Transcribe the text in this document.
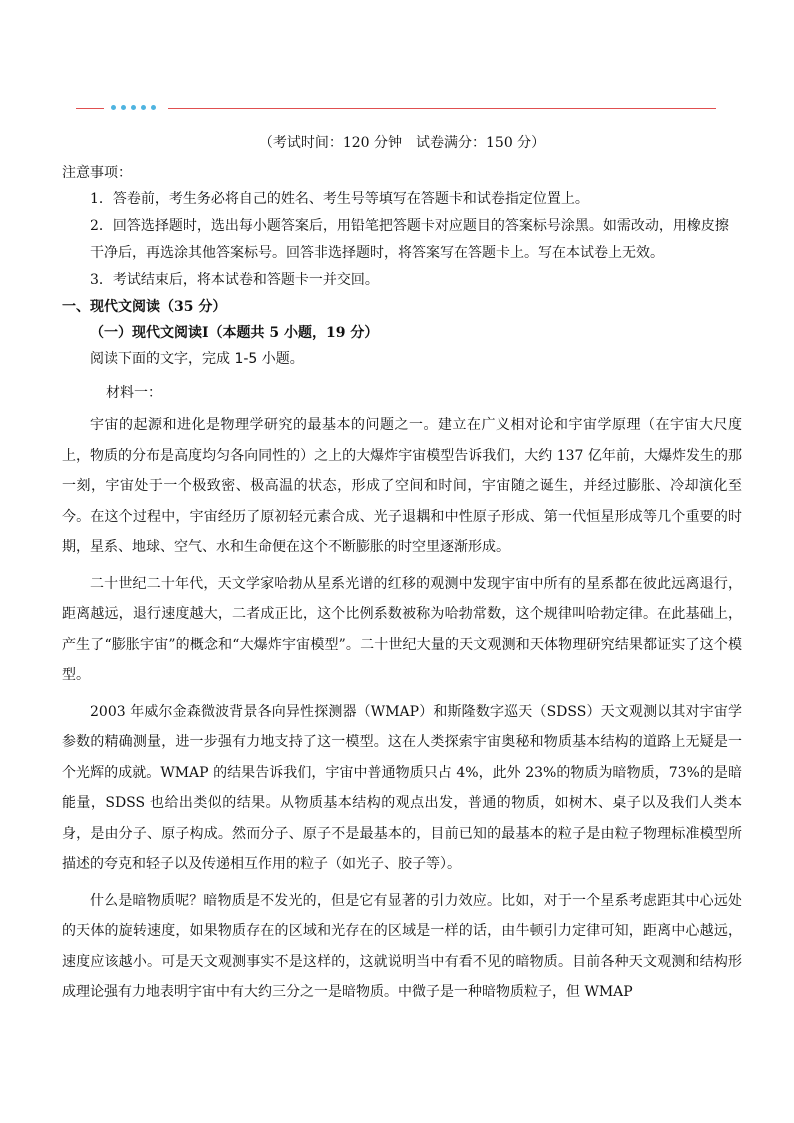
（考试时间：120 分钟　试卷满分：150 分）
注意事项：
1．答卷前，考生务必将自己的姓名、考生号等填写在答题卡和试卷指定位置上。
2．回答选择题时，选出每小题答案后，用铅笔把答题卡对应题目的答案标号涂黑。如需改动，用橡皮擦干净后，再选涂其他答案标号。回答非选择题时，将答案写在答题卡上。写在本试卷上无效。
3．考试结束后，将本试卷和答题卡一并交回。
一、现代文阅读（35 分）
（一）现代文阅读Ⅰ（本题共 5 小题，19 分）
阅读下面的文字，完成 1-5 小题。
材料一：

宇宙的起源和进化是物理学研究的最基本的问题之一。建立在广义相对论和宇宙学原理（在宇宙大尺度上，物质的分布是高度均匀各向同性的）之上的大爆炸宇宙模型告诉我们，大约 137 亿年前，大爆炸发生的那一刻，宇宙处于一个极致密、极高温的状态，形成了空间和时间，宇宙随之诞生，并经过膨胀、冷却演化至今。在这个过程中，宇宙经历了原初轻元素合成、光子退耦和中性原子形成、第一代恒星形成等几个重要的时期，星系、地球、空气、水和生命便在这个不断膨胀的时空里逐渐形成。

二十世纪二十年代，天文学家哈勃从星系光谱的红移的观测中发现宇宙中所有的星系都在彼此远离退行，距离越远，退行速度越大，二者成正比，这个比例系数被称为哈勃常数，这个规律叫哈勃定律。在此基础上，产生了“膨胀宇宙”的概念和“大爆炸宇宙模型”。二十世纪大量的天文观测和天体物理研究结果都证实了这个模型。

2003 年威尔金森微波背景各向异性探测器（WMAP）和斯隆数字巡天（SDSS）天文观测以其对宇宙学参数的精确测量，进一步强有力地支持了这一模型。这在人类探索宇宙奥秘和物质基本结构的道路上无疑是一个光辉的成就。WMAP 的结果告诉我们，宇宙中普通物质只占 4%，此外 23%的物质为暗物质，73%的是暗能量，SDSS 也给出类似的结果。从物质基本结构的观点出发，普通的物质，如树木、桌子以及我们人类本身，是由分子、原子构成。然而分子、原子不是最基本的，目前已知的最基本的粒子是由粒子物理标准模型所描述的夸克和轻子以及传递相互作用的粒子（如光子、胶子等）。

什么是暗物质呢？暗物质是不发光的，但是它有显著的引力效应。比如，对于一个星系考虑距其中心远处的天体的旋转速度，如果物质存在的区域和光存在的区域是一样的话，由牛顿引力定律可知，距离中心越远，速度应该越小。可是天文观测事实不是这样的，这就说明当中有看不见的暗物质。目前各种天文观测和结构形成理论强有力地表明宇宙中有大约三分之一是暗物质。中微子是一种暗物质粒子，但 WMAP
